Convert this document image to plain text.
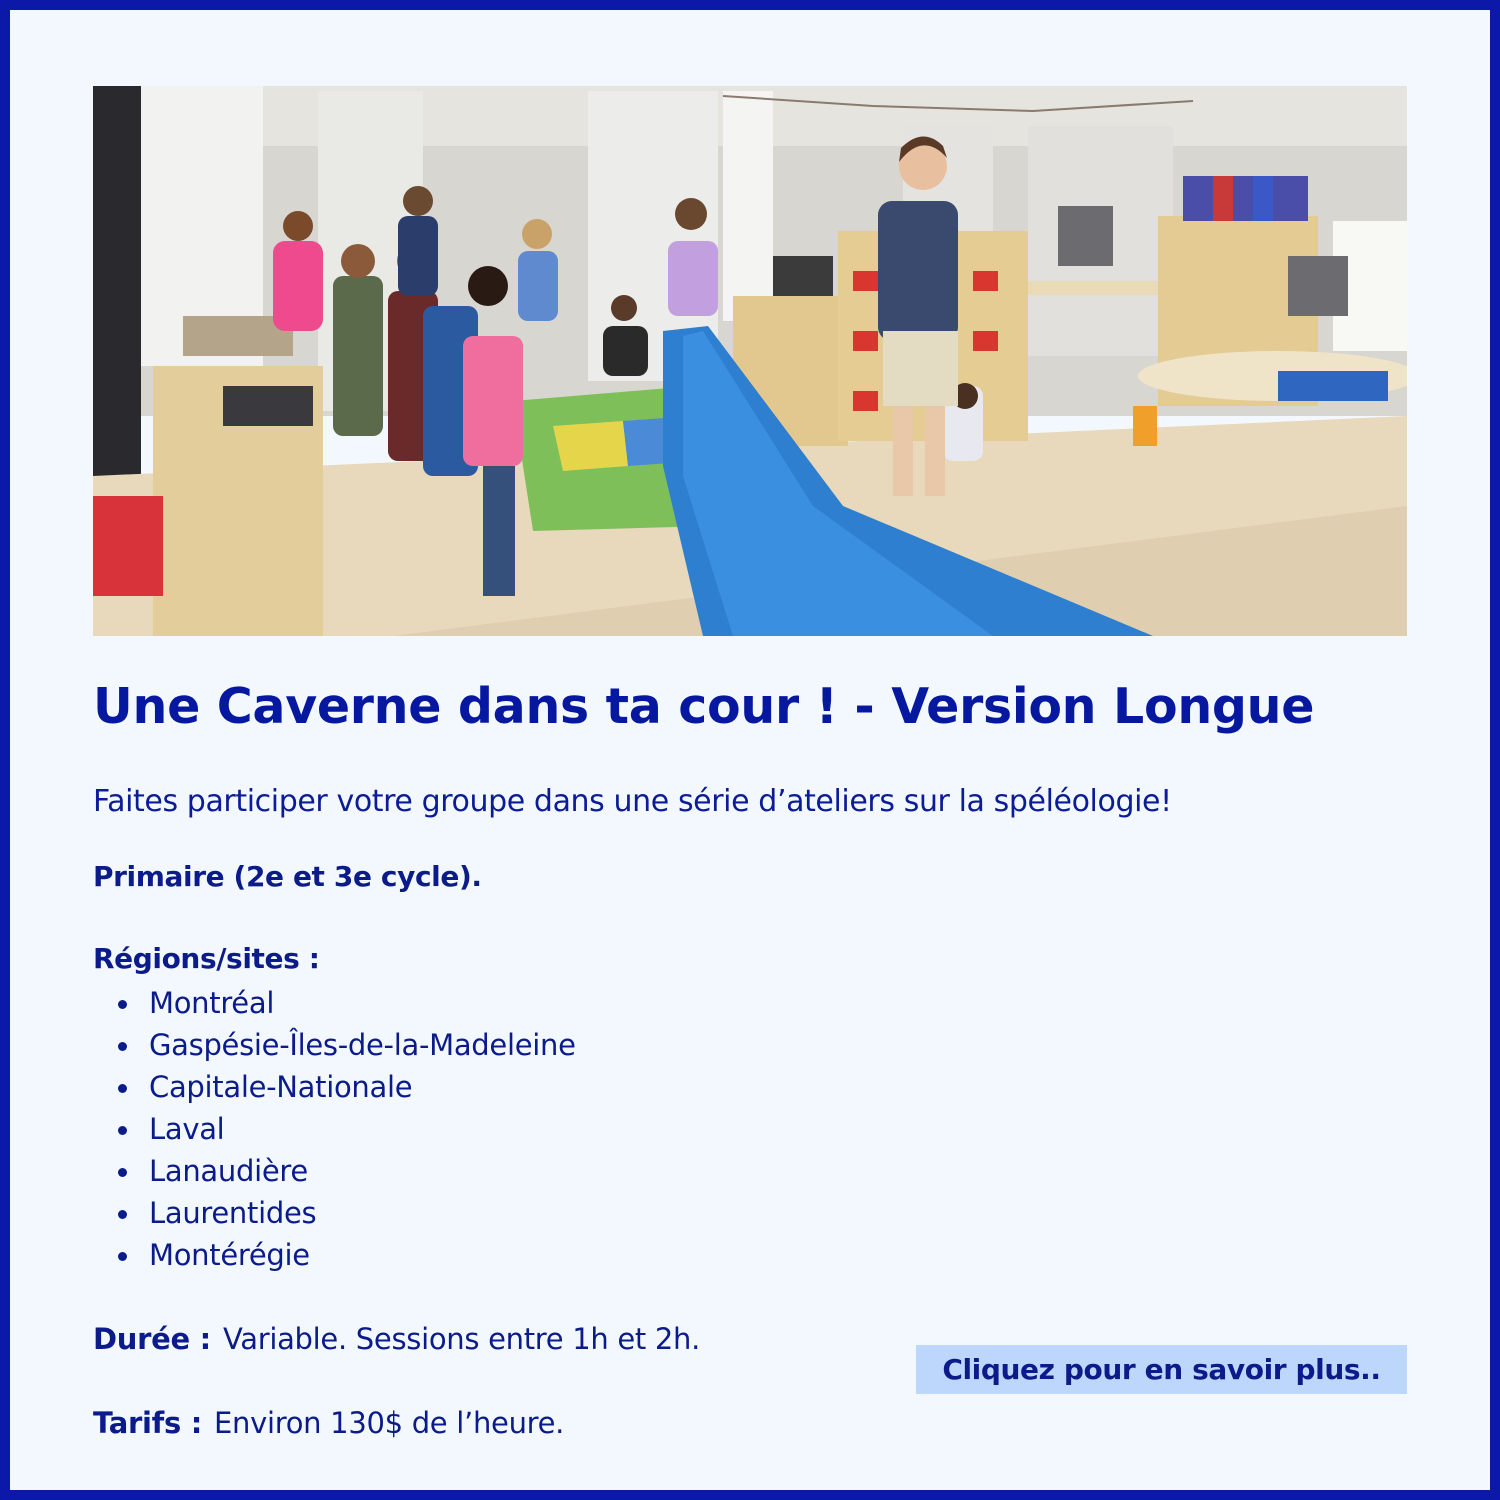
Une Caverne dans ta cour ! - Version Longue

Faites participer votre groupe dans une série d’ateliers sur la spéléologie!

Primaire (2e et 3e cycle).

Régions/sites :

Montréal
Gaspésie-Îles-de-la-Madeleine
Capitale-Nationale
Laval
Lanaudière
Laurentides
Montérégie

Durée : Variable. Sessions entre 1h et 2h.

Cliquez pour en savoir plus..

Tarifs : Environ 130$ de l’heure.
